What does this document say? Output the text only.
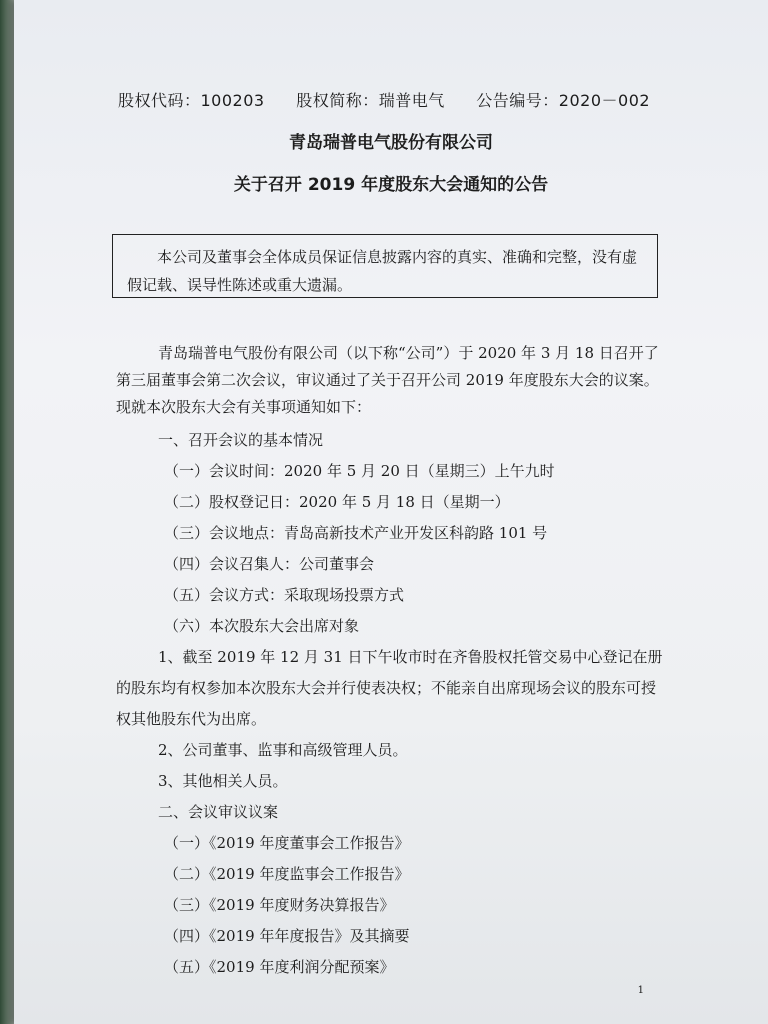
股权代码：100203 股权简称：瑞普电气 公告编号：2020－002
青岛瑞普电气股份有限公司
关于召开 2019 年度股东大会通知的公告
本公司及董事会全体成员保证信息披露内容的真实、准确和完整，没有虚假记载、误导性陈述或重大遗漏。

青岛瑞普电气股份有限公司（以下称“公司”）于 2020 年 3 月 18 日召开了第三届董事会第二次会议，审议通过了关于召开公司 2019 年度股东大会的议案。现就本次股东大会有关事项通知如下：

一、召开会议的基本情况

（一）会议时间：2020 年 5 月 20 日（星期三）上午九时

（二）股权登记日：2020 年 5 月 18 日（星期一）

（三）会议地点：青岛高新技术产业开发区科韵路 101 号

（四）会议召集人：公司董事会

（五）会议方式：采取现场投票方式

（六）本次股东大会出席对象

1、截至 2019 年 12 月 31 日下午收市时在齐鲁股权托管交易中心登记在册的股东均有权参加本次股东大会并行使表决权；不能亲自出席现场会议的股东可授权其他股东代为出席。

2、公司董事、监事和高级管理人员。

3、其他相关人员。

二、会议审议议案

（一）《2019 年度董事会工作报告》

（二）《2019 年度监事会工作报告》

（三）《2019 年度财务决算报告》

（四）《2019 年年度报告》及其摘要

（五）《2019 年度利润分配预案》

1
